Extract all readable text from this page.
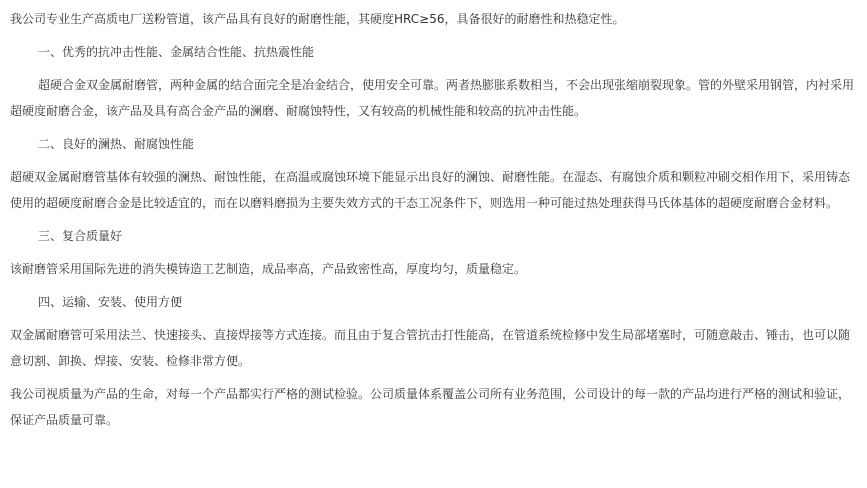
我公司专业生产高质电厂送粉管道，该产品具有良好的耐磨性能，其硬度HRC≥56，具备很好的耐磨性和热稳定性。

一、优秀的抗冲击性能、金属结合性能、抗热震性能

超硬合金双金属耐磨管，两种金属的结合面完全是冶金结合，使用安全可靠。两者热膨胀系数相当，不会出现张缩崩裂现象。管的外壁采用钢管，内衬采用超硬度耐磨合金，该产品及具有高合金产品的澜磨、耐腐蚀特性，又有较高的机械性能和较高的抗冲击性能。

二、良好的澜热、耐腐蚀性能

超硬双金属耐磨管基体有较强的澜热、耐蚀性能，在高温或腐蚀环境下能显示出良好的澜蚀、耐磨性能。在湿态、有腐蚀介质和颗粒冲刷交相作用下，采用铸态使用的超硬度耐磨合金是比较适宜的，而在以磨料磨损为主要失效方式的干态工况条件下，则选用一种可能过热处理获得马氏体基体的超硬度耐磨合金材料。

三、复合质量好

该耐磨管采用国际先进的消失模铸造工艺制造，成品率高，产品致密性高，厚度均匀，质量稳定。

四、运输、安装、使用方便

双金属耐磨管可采用法兰、快速接头、直接焊接等方式连接。而且由于复合管抗击打性能高，在管道系统检修中发生局部堵塞时，可随意敲击、锤击，也可以随意切割、卸换、焊接、安装、检修非常方便。

我公司视质量为产品的生命，对每一个产品都实行严格的测试检验。公司质量体系覆盖公司所有业务范围，公司设计的每一款的产品均进行严格的测试和验证，保证产品质量可靠。
